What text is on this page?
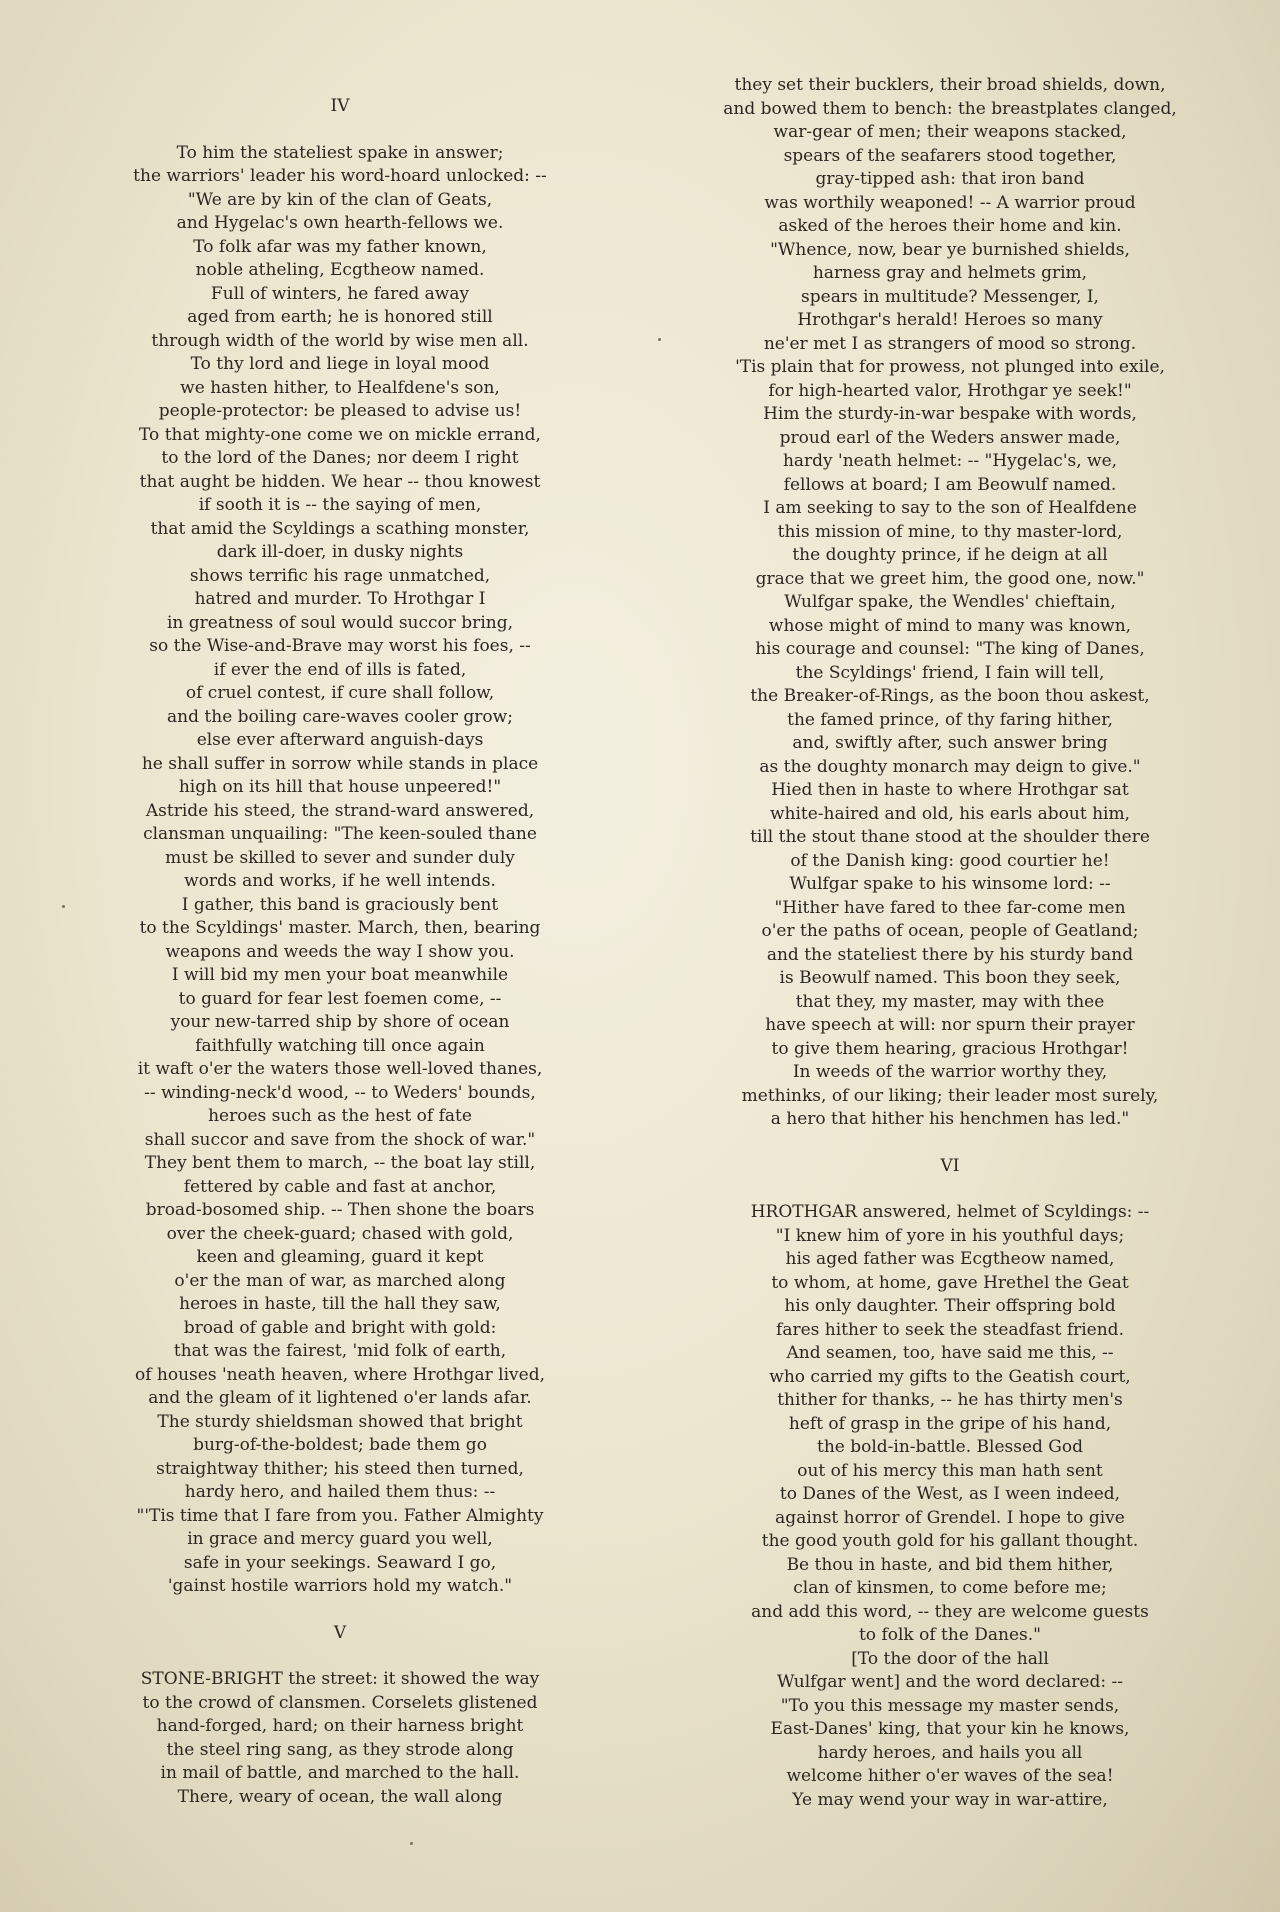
IV
To him the stateliest spake in answer;
the warriors' leader his word-hoard unlocked: --
"We are by kin of the clan of Geats,
and Hygelac's own hearth-fellows we.
To folk afar was my father known,
noble atheling, Ecgtheow named.
Full of winters, he fared away
aged from earth; he is honored still
through width of the world by wise men all.
To thy lord and liege in loyal mood
we hasten hither, to Healfdene's son,
people-protector: be pleased to advise us!
To that mighty-one come we on mickle errand,
to the lord of the Danes; nor deem I right
that aught be hidden. We hear -- thou knowest
if sooth it is -- the saying of men,
that amid the Scyldings a scathing monster,
dark ill-doer, in dusky nights
shows terrific his rage unmatched,
hatred and murder. To Hrothgar I
in greatness of soul would succor bring,
so the Wise-and-Brave may worst his foes, --
if ever the end of ills is fated,
of cruel contest, if cure shall follow,
and the boiling care-waves cooler grow;
else ever afterward anguish-days
he shall suffer in sorrow while stands in place
high on its hill that house unpeered!"
Astride his steed, the strand-ward answered,
clansman unquailing: "The keen-souled thane
must be skilled to sever and sunder duly
words and works, if he well intends.
I gather, this band is graciously bent
to the Scyldings' master. March, then, bearing
weapons and weeds the way I show you.
I will bid my men your boat meanwhile
to guard for fear lest foemen come, --
your new-tarred ship by shore of ocean
faithfully watching till once again
it waft o'er the waters those well-loved thanes,
-- winding-neck'd wood, -- to Weders' bounds,
heroes such as the hest of fate
shall succor and save from the shock of war."
They bent them to march, -- the boat lay still,
fettered by cable and fast at anchor,
broad-bosomed ship. -- Then shone the boars
over the cheek-guard; chased with gold,
keen and gleaming, guard it kept
o'er the man of war, as marched along
heroes in haste, till the hall they saw,
broad of gable and bright with gold:
that was the fairest, 'mid folk of earth,
of houses 'neath heaven, where Hrothgar lived,
and the gleam of it lightened o'er lands afar.
The sturdy shieldsman showed that bright
burg-of-the-boldest; bade them go
straightway thither; his steed then turned,
hardy hero, and hailed them thus: --
"'Tis time that I fare from you. Father Almighty
in grace and mercy guard you well,
safe in your seekings. Seaward I go,
'gainst hostile warriors hold my watch."
V
STONE-BRIGHT the street: it showed the way
to the crowd of clansmen. Corselets glistened
hand-forged, hard; on their harness bright
the steel ring sang, as they strode along
in mail of battle, and marched to the hall.
There, weary of ocean, the wall along
they set their bucklers, their broad shields, down,
and bowed them to bench: the breastplates clanged,
war-gear of men; their weapons stacked,
spears of the seafarers stood together,
gray-tipped ash: that iron band
was worthily weaponed! -- A warrior proud
asked of the heroes their home and kin.
"Whence, now, bear ye burnished shields,
harness gray and helmets grim,
spears in multitude? Messenger, I,
Hrothgar's herald! Heroes so many
ne'er met I as strangers of mood so strong.
'Tis plain that for prowess, not plunged into exile,
for high-hearted valor, Hrothgar ye seek!"
Him the sturdy-in-war bespake with words,
proud earl of the Weders answer made,
hardy 'neath helmet: -- "Hygelac's, we,
fellows at board; I am Beowulf named.
I am seeking to say to the son of Healfdene
this mission of mine, to thy master-lord,
the doughty prince, if he deign at all
grace that we greet him, the good one, now."
Wulfgar spake, the Wendles' chieftain,
whose might of mind to many was known,
his courage and counsel: "The king of Danes,
the Scyldings' friend, I fain will tell,
the Breaker-of-Rings, as the boon thou askest,
the famed prince, of thy faring hither,
and, swiftly after, such answer bring
as the doughty monarch may deign to give."
Hied then in haste to where Hrothgar sat
white-haired and old, his earls about him,
till the stout thane stood at the shoulder there
of the Danish king: good courtier he!
Wulfgar spake to his winsome lord: --
"Hither have fared to thee far-come men
o'er the paths of ocean, people of Geatland;
and the stateliest there by his sturdy band
is Beowulf named. This boon they seek,
that they, my master, may with thee
have speech at will: nor spurn their prayer
to give them hearing, gracious Hrothgar!
In weeds of the warrior worthy they,
methinks, of our liking; their leader most surely,
a hero that hither his henchmen has led."
VI
HROTHGAR answered, helmet of Scyldings: --
"I knew him of yore in his youthful days;
his aged father was Ecgtheow named,
to whom, at home, gave Hrethel the Geat
his only daughter. Their offspring bold
fares hither to seek the steadfast friend.
And seamen, too, have said me this, --
who carried my gifts to the Geatish court,
thither for thanks, -- he has thirty men's
heft of grasp in the gripe of his hand,
the bold-in-battle. Blessed God
out of his mercy this man hath sent
to Danes of the West, as I ween indeed,
against horror of Grendel. I hope to give
the good youth gold for his gallant thought.
Be thou in haste, and bid them hither,
clan of kinsmen, to come before me;
and add this word, -- they are welcome guests
to folk of the Danes."
[To the door of the hall
Wulfgar went] and the word declared: --
"To you this message my master sends,
East-Danes' king, that your kin he knows,
hardy heroes, and hails you all
welcome hither o'er waves of the sea!
Ye may wend your way in war-attire,
